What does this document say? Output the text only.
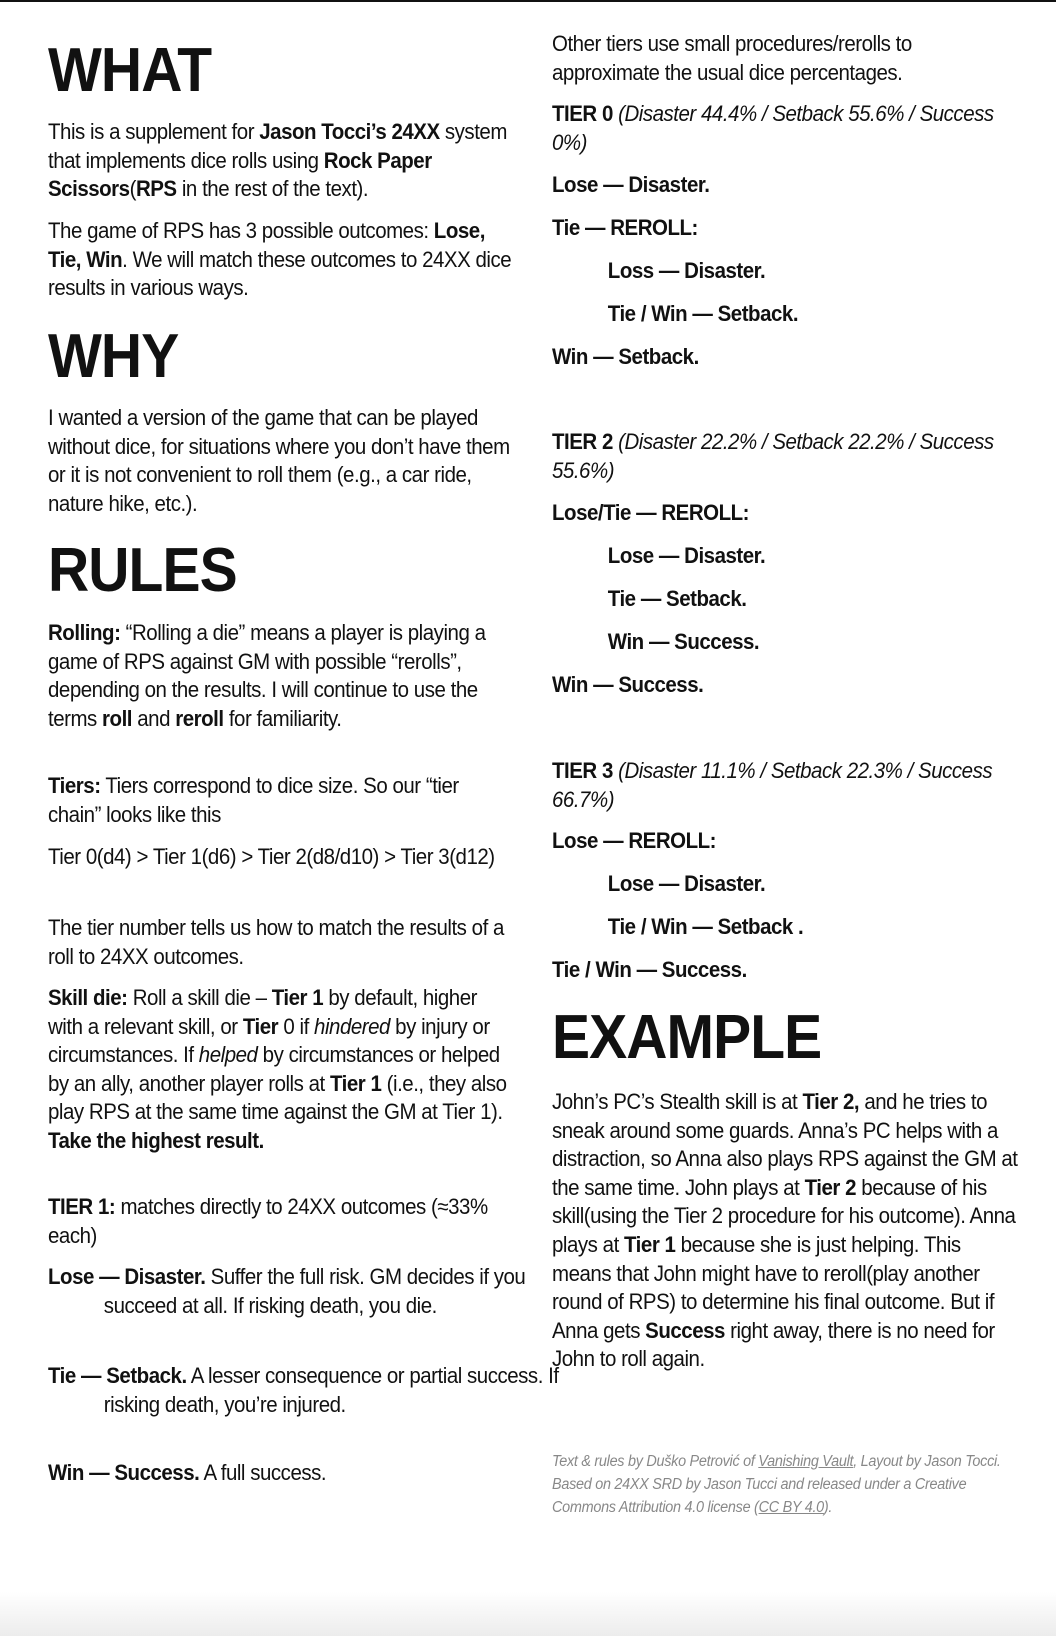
WHAT

This is a supplement for Jason Tocci’s 24XX system that implements dice rolls using Rock Paper Scissors(RPS in the rest of the text).

The game of RPS has 3 possible outcomes: Lose, Tie, Win. We will match these outcomes to 24XX dice results in various ways.

WHY

I wanted a version of the game that can be played without dice, for situations where you don’t have them or it is not convenient to roll them (e.g., a car ride, nature hike, etc.).

RULES

Rolling: “Rolling a die” means a player is playing a game of RPS against GM with possible “rerolls”, depending on the results. I will continue to use the terms roll and reroll for familiarity.

Tiers: Tiers correspond to dice size. So our “tier chain” looks like this

Tier 0(d4) > Tier 1(d6) > Tier 2(d8/d10) > Tier 3(d12)

The tier number tells us how to match the results of a roll to 24XX outcomes.

Skill die: Roll a skill die – Tier 1 by default, higher with a relevant skill, or Tier 0 if hindered by injury or circumstances. If helped by circumstances or helped by an ally, another player rolls at Tier 1 (i.e., they also play RPS at the same time against the GM at Tier 1). Take the highest result.

TIER 1: matches directly to 24XX outcomes (≈33% each)

Lose — Disaster. Suffer the full risk. GM decides if you succeed at all. If risking death, you die.

Tie — Setback. A lesser consequence or partial success. If risking death, you’re injured.

Win — Success. A full success.

Other tiers use small procedures/rerolls to approximate the usual dice percentages.

TIER 0 (Disaster 44.4% / Setback 55.6% / Success 0%)

Lose — Disaster.

Tie — REROLL:

Loss — Disaster.

Tie / Win — Setback.

Win — Setback.

TIER 2 (Disaster 22.2% / Setback 22.2% / Success 55.6%)

Lose/Tie — REROLL:

Lose — Disaster.

Tie — Setback.

Win — Success.

Win — Success.

TIER 3 (Disaster 11.1% / Setback 22.3% / Success 66.7%)

Lose — REROLL:

Lose — Disaster.

Tie / Win — Setback .

Tie / Win — Success.

EXAMPLE

John’s PC’s Stealth skill is at Tier 2, and he tries to sneak around some guards. Anna’s PC helps with a distraction, so Anna also plays RPS against the GM at the same time. John plays at Tier 2 because of his skill(using the Tier 2 procedure for his outcome). Anna plays at Tier 1 because she is just helping. This means that John might have to reroll(play another round of RPS) to determine his final outcome. But if Anna gets Success right away, there is no need for John to roll again.

Text & rules by Duško Petrović of Vanishing Vault, Layout by Jason Tocci. Based on 24XX SRD by Jason Tucci and released under a Creative Commons Attribution 4.0 license (CC BY 4.0).
